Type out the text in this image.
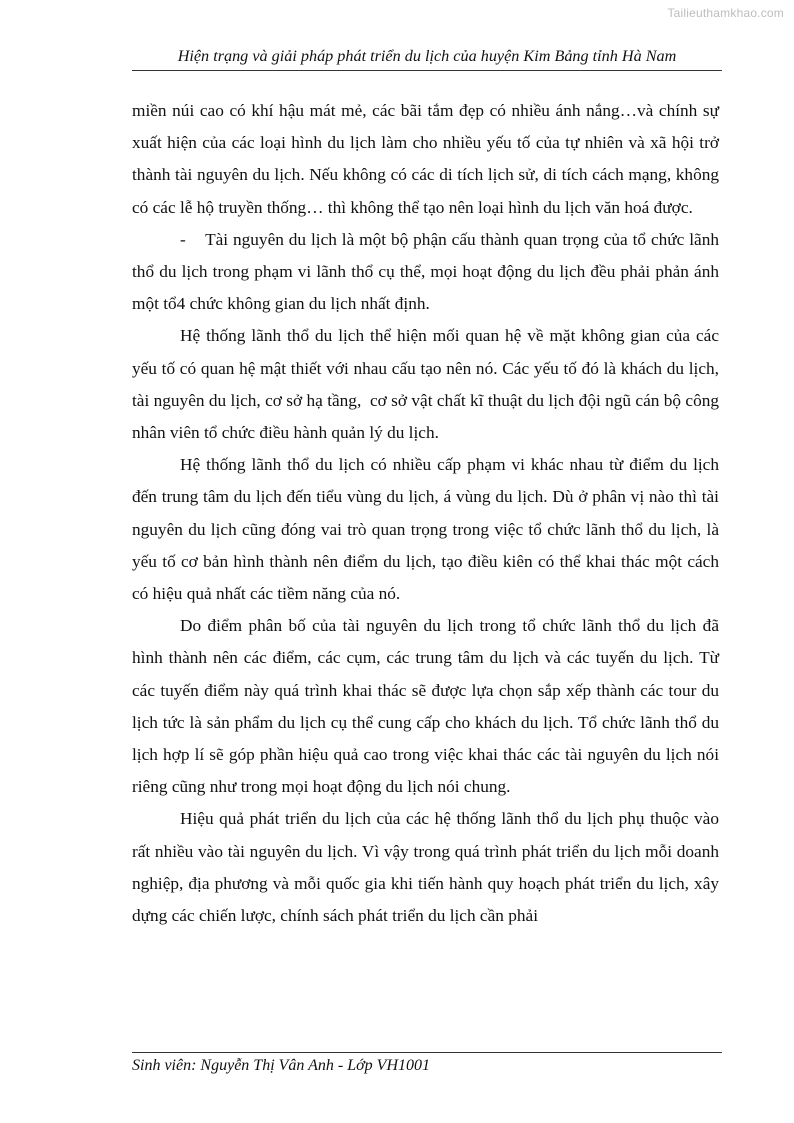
Tailieuthamkhao.com
Hiện trạng và giải pháp phát triển du lịch của huyện Kim Bảng tỉnh Hà Nam

miền núi cao có khí hậu mát mẻ, các bãi tắm đẹp có nhiều ánh nắng…và chính sự xuất hiện của các loại hình du lịch làm cho nhiều yếu tố của tự nhiên và xã hội trở thành tài nguyên du lịch. Nếu không có các di tích lịch sử, di tích cách mạng, không có các lễ hộ truyền thống… thì không thể tạo nên loại hình du lịch văn hoá được.

-    Tài nguyên du lịch là một bộ phận cấu thành quan trọng của tổ chức lãnh thổ du lịch trong phạm vi lãnh thổ cụ thể, mọi hoạt động du lịch đều phải phản ánh một tổ4 chức không gian du lịch nhất định.

Hệ thống lãnh thổ du lịch thể hiện mối quan hệ về mặt không gian của các yếu tố có quan hệ mật thiết với nhau cấu tạo nên nó. Các yếu tố đó là khách du lịch, tài nguyên du lịch, cơ sở hạ tầng,  cơ sở vật chất kĩ thuật du lịch đội ngũ cán bộ công nhân viên tổ chức điều hành quản lý du lịch.

Hệ thống lãnh thổ du lịch có nhiều cấp phạm vi khác nhau từ điểm du lịch đến trung tâm du lịch đến tiểu vùng du lịch, á vùng du lịch. Dù ở phân vị nào thì tài nguyên du lịch cũng đóng vai trò quan trọng trong việc tổ chức lãnh thổ du lịch, là yếu tố cơ bản hình thành nên điểm du lịch, tạo điều kiên có thể khai thác một cách có hiệu quả nhất các tiềm năng của nó.

Do điểm phân bố của tài nguyên du lịch trong tổ chức lãnh thổ du lịch đã hình thành nên các điểm, các cụm, các trung tâm du lịch và các tuyến du lịch. Từ các tuyến điểm này quá trình khai thác sẽ được lựa chọn sắp xếp thành các tour du lịch tức là sản phẩm du lịch cụ thể cung cấp cho khách du lịch. Tổ chức lãnh thổ du lịch hợp lí sẽ góp phần hiệu quả cao trong việc khai thác các tài nguyên du lịch nói riêng cũng như trong mọi hoạt động du lịch nói chung.

Hiệu quả phát triển du lịch của các hệ thống lãnh thổ du lịch phụ thuộc vào rất nhiều vào tài nguyên du lịch. Vì vậy trong quá trình phát triển du lịch mỗi doanh nghiệp, địa phương và mỗi quốc gia khi tiến hành quy hoạch phát triển du lịch, xây dựng các chiến lược, chính sách phát triển du lịch cần phải

Sinh viên: Nguyễn Thị Vân Anh - Lớp VH1001
